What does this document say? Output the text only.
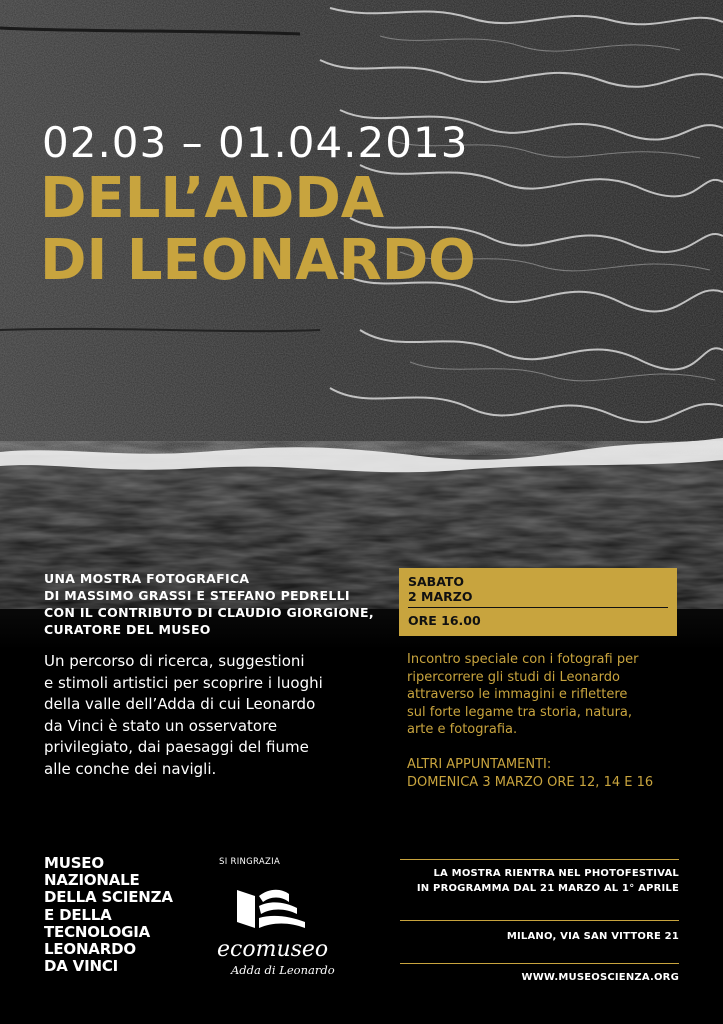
02.03 – 01.04.2013
DELL’ADDA
DI LEONARDO
UNA MOSTRA FOTOGRAFICA
DI MASSIMO GRASSI E STEFANO PEDRELLI
CON IL CONTRIBUTO DI CLAUDIO GIORGIONE,
CURATORE DEL MUSEO
Un percorso di ricerca, suggestioni
e stimoli artistici per scoprire i luoghi
della valle dell’Adda di cui Leonardo
da Vinci è stato un osservatore
privilegiato, dai paesaggi del fiume
alle conche dei navigli.
SABATO
2 MARZO
ORE 16.00
Incontro speciale con i fotografi per
ripercorrere gli studi di Leonardo
attraverso le immagini e riflettere
sul forte legame tra storia, natura,
arte e fotografia.
ALTRI APPUNTAMENTI:
DOMENICA 3 MARZO ORE 12, 14 E 16
MUSEO
NAZIONALE
DELLA SCIENZA
E DELLA
TECNOLOGIA
LEONARDO
DA VINCI
SI RINGRAZIA
ecomuseo
Adda di Leonardo
LA MOSTRA RIENTRA NEL PHOTOFESTIVAL
IN PROGRAMMA DAL 21 MARZO AL 1° APRILE
MILANO, VIA SAN VITTORE 21
WWW.MUSEOSCIENZA.ORG
